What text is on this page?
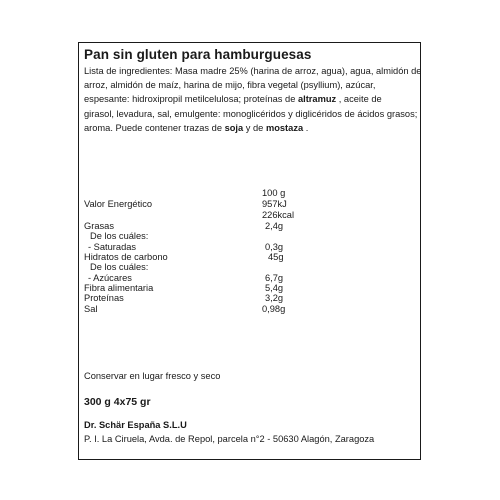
Pan sin gluten para hamburguesas
Lista de ingredientes: Masa madre 25% (harina de arroz, agua), agua, almidón de
arroz, almidón de maíz, harina de mijo, fibra vegetal (psyllium), azúcar,
espesante: hidroxipropil metilcelulosa; proteínas de altramuz , aceite de
girasol, levadura, sal, emulgente: monoglicéridos y diglicéridos de ácidos grasos;
aroma. Puede contener trazas de soja y de mostaza .
100 g
Valor Energético	957kJ
226kcal
Grasas	2,4g
De los cuáles:
- Saturadas	0,3g
Hidratos de carbono	45g
De los cuáles:
- Azúcares	6,7g
Fibra alimentaria	5,4g
Proteínas	3,2g
Sal	0,98g
Conservar en lugar fresco y seco
300 g 4x75 gr
Dr. Schär España S.L.U
P. I. La Ciruela, Avda. de Repol, parcela n°2 - 50630 Alagón, Zaragoza
